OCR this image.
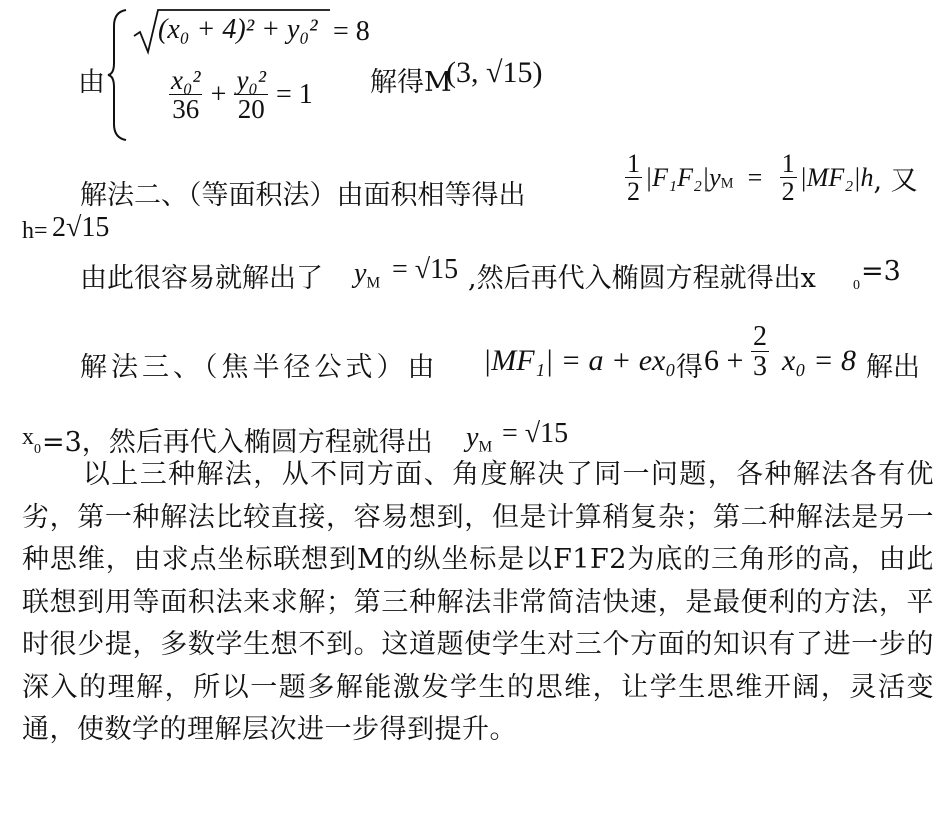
由
(x₀ + 4)² + y₀² = 8
$\frac{\text{x₀²}}{36} + \frac{\text{y₀²}}{20} = 1$ 解得M
(3, √15)
解法二、（等面积法）由面积相等得出	$\frac{1}{2} |F_1F_2|yM = \frac{1}{2} |MF_2|h$, 又
h= 2√15
由此很容易就解出了 $y_M = √15$ ,然后再代入椭圆方程就得出x	0 =3
解法三、（焦半径公式）由 |MF₁| = a + ex₀ 得 $6 + \frac{2}{3} x_0 = 8$ 解出
x 0 =3，然后再代入椭圆方程就得出 $y_M = √15$
以上三种解法，从不同方面、角度解决了同一问题，各种解法各有优劣，第一种解法比较直接，容易想到，但是计算稍复杂；第二种解法是另一种思维，由求点坐标联想到M的纵坐标是以F1F2为底的三角形的高，由此联想到用等面积法来求解；第三种解法非常简洁快速，是最便利的方法，平时很少提，多数学生想不到。这道题使学生对三个方面的知识有了进一步的深入的理解，所以一题多解能激发学生的思维，让学生思维开阔，灵活变通，使数学的理解层次进一步得到提升。
